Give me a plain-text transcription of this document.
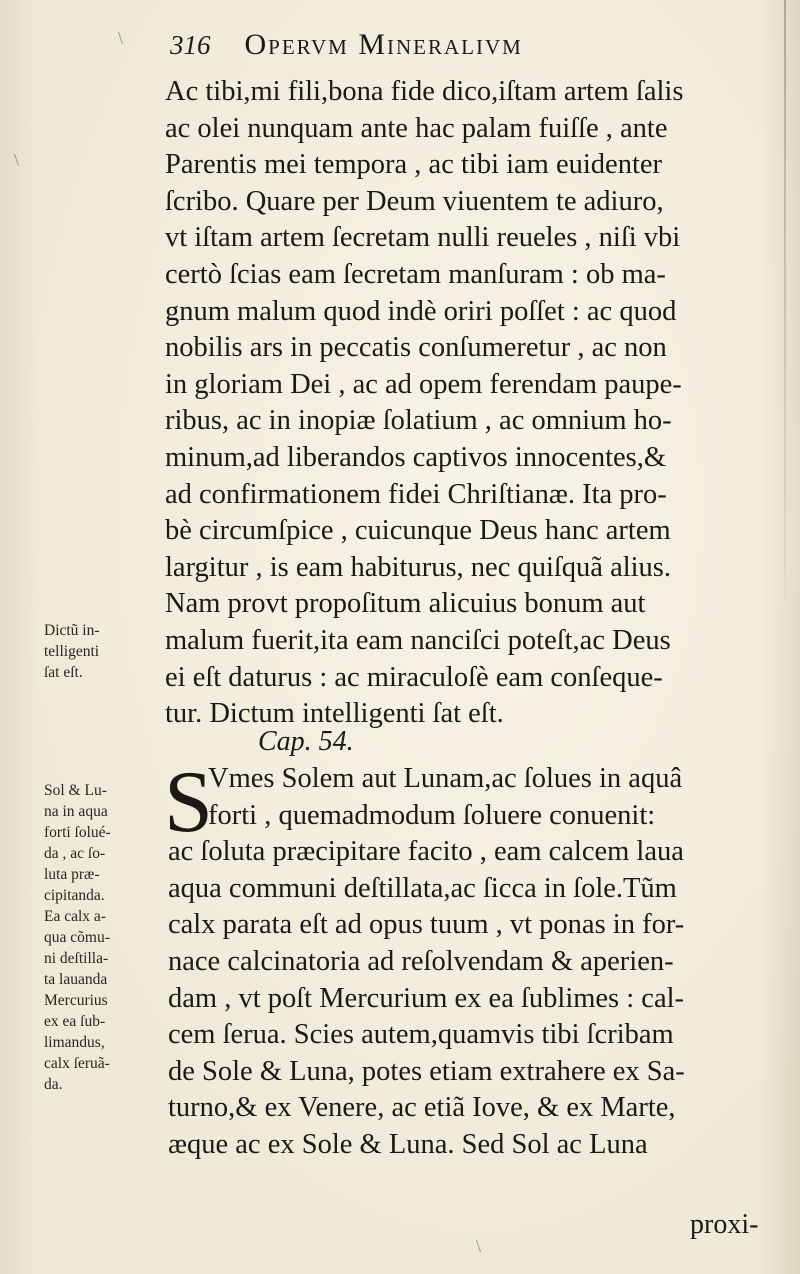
316 Opervm Mineralivm
Ac tibi,mi fili,bona fide dico,iſtam artem ſalis
ac olei nunquam ante hac palam fuiſſe , ante
Parentis mei tempora , ac tibi iam euidenter
ſcribo. Quare per Deum viuentem te adiuro,
vt iſtam artem ſecretam nulli reueles , niſi vbi
certò ſcias eam ſecretam manſuram : ob ma-
gnum malum quod indè oriri poſſet : ac quod
nobilis ars in peccatis conſumeretur , ac non
in gloriam Dei , ac ad opem ferendam paupe-
ribus, ac in inopiæ ſolatium , ac omnium ho-
minum,ad liberandos captivos innocentes,&
ad confirmationem fidei Chriſtianæ. Ita pro-
bè circumſpice , cuicunque Deus hanc artem
largitur , is eam habiturus, nec quiſquã alius.
Nam provt propoſitum alicuius bonum aut
malum fuerit,ita eam nanciſci poteſt,ac Deus
ei eſt daturus : ac miraculoſè eam conſeque-
tur. Dictum intelligenti ſat eſt.
Cap. 54.
S
Vmes Solem aut Lunam,ac ſolues in aquâ
forti , quemadmodum ſoluere conuenit:
ac ſoluta præcipitare facito , eam calcem laua
aqua communi deſtillata,ac ſicca in ſole.Tũm
calx parata eſt ad opus tuum , vt ponas in for-
nace calcinatoria ad reſolvendam & aperien-
dam , vt poſt Mercurium ex ea ſublimes : cal-
cem ſerua. Scies autem,quamvis tibi ſcribam
de Sole & Luna, potes etiam extrahere ex Sa-
turno,& ex Venere, ac etiã Iove, & ex Marte,
æque ac ex Sole & Luna. Sed Sol ac Luna
proxi-
Dictũ in-
telligenti
ſat eſt.
Sol & Lu-
na in aqua
forti ſolué-
da , ac ſo-
luta præ-
cipitanda.
Ea calx a-
qua cõmu-
ni deſtilla-
ta lauanda
Mercurius
ex ea ſub-
limandus,
calx ſeruã-
da.
\
\
\
